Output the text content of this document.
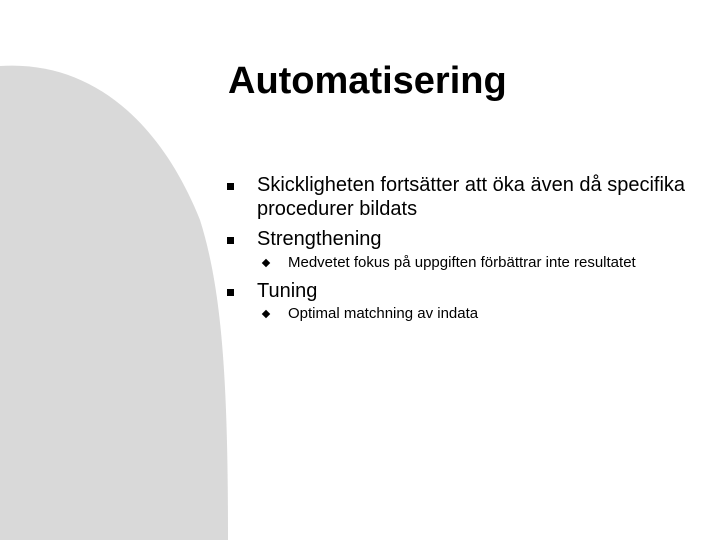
Automatisering
Skickligheten fortsätter att öka även då specifika procedurer bildats
Strengthening
Medvetet fokus på uppgiften förbättrar inte resultatet
Tuning
Optimal matchning av indata
